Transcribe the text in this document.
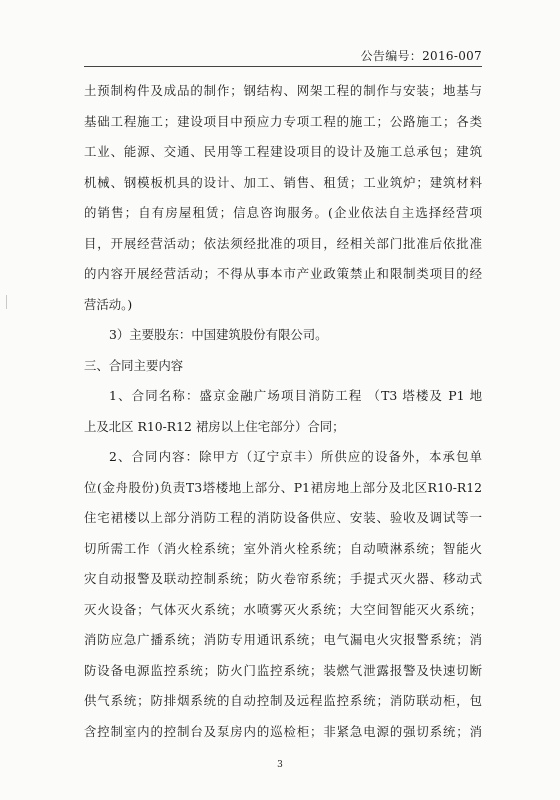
公告编号：2016-007
土预制构件及成品的制作；钢结构、网架工程的制作与安装；地基与
基础工程施工；建设项目中预应力专项工程的施工；公路施工；各类
工业、能源、交通、民用等工程建设项目的设计及施工总承包；建筑
机械、钢模板机具的设计、加工、销售、租赁；工业筑炉；建筑材料
的销售；自有房屋租赁；信息咨询服务。(企业依法自主选择经营项
目，开展经营活动；依法须经批准的项目，经相关部门批准后依批准
的内容开展经营活动；不得从事本市产业政策禁止和限制类项目的经
营活动。)
3）主要股东：中国建筑股份有限公司。
三、合同主要内容
1、合同名称：盛京金融广场项目消防工程 （T3 塔楼及 P1 地
上及北区 R10-R12 裙房以上住宅部分）合同；
2、合同内容：除甲方（辽宁京丰）所供应的设备外，本承包单
位(金舟股份)负责T3塔楼地上部分、P1裙房地上部分及北区R10-R12
住宅裙楼以上部分消防工程的消防设备供应、安装、验收及调试等一
切所需工作（消火栓系统；室外消火栓系统；自动喷淋系统；智能火
灾自动报警及联动控制系统；防火卷帘系统；手提式灭火器、移动式
灭火设备；气体灭火系统；水喷雾灭火系统；大空间智能灭火系统；
消防应急广播系统；消防专用通讯系统；电气漏电火灾报警系统；消
防设备电源监控系统；防火门监控系统；装燃气泄露报警及快速切断
供气系统；防排烟系统的自动控制及远程监控系统；消防联动柜，包
含控制室内的控制台及泵房内的巡检柜；非紧急电源的强切系统；消
3
